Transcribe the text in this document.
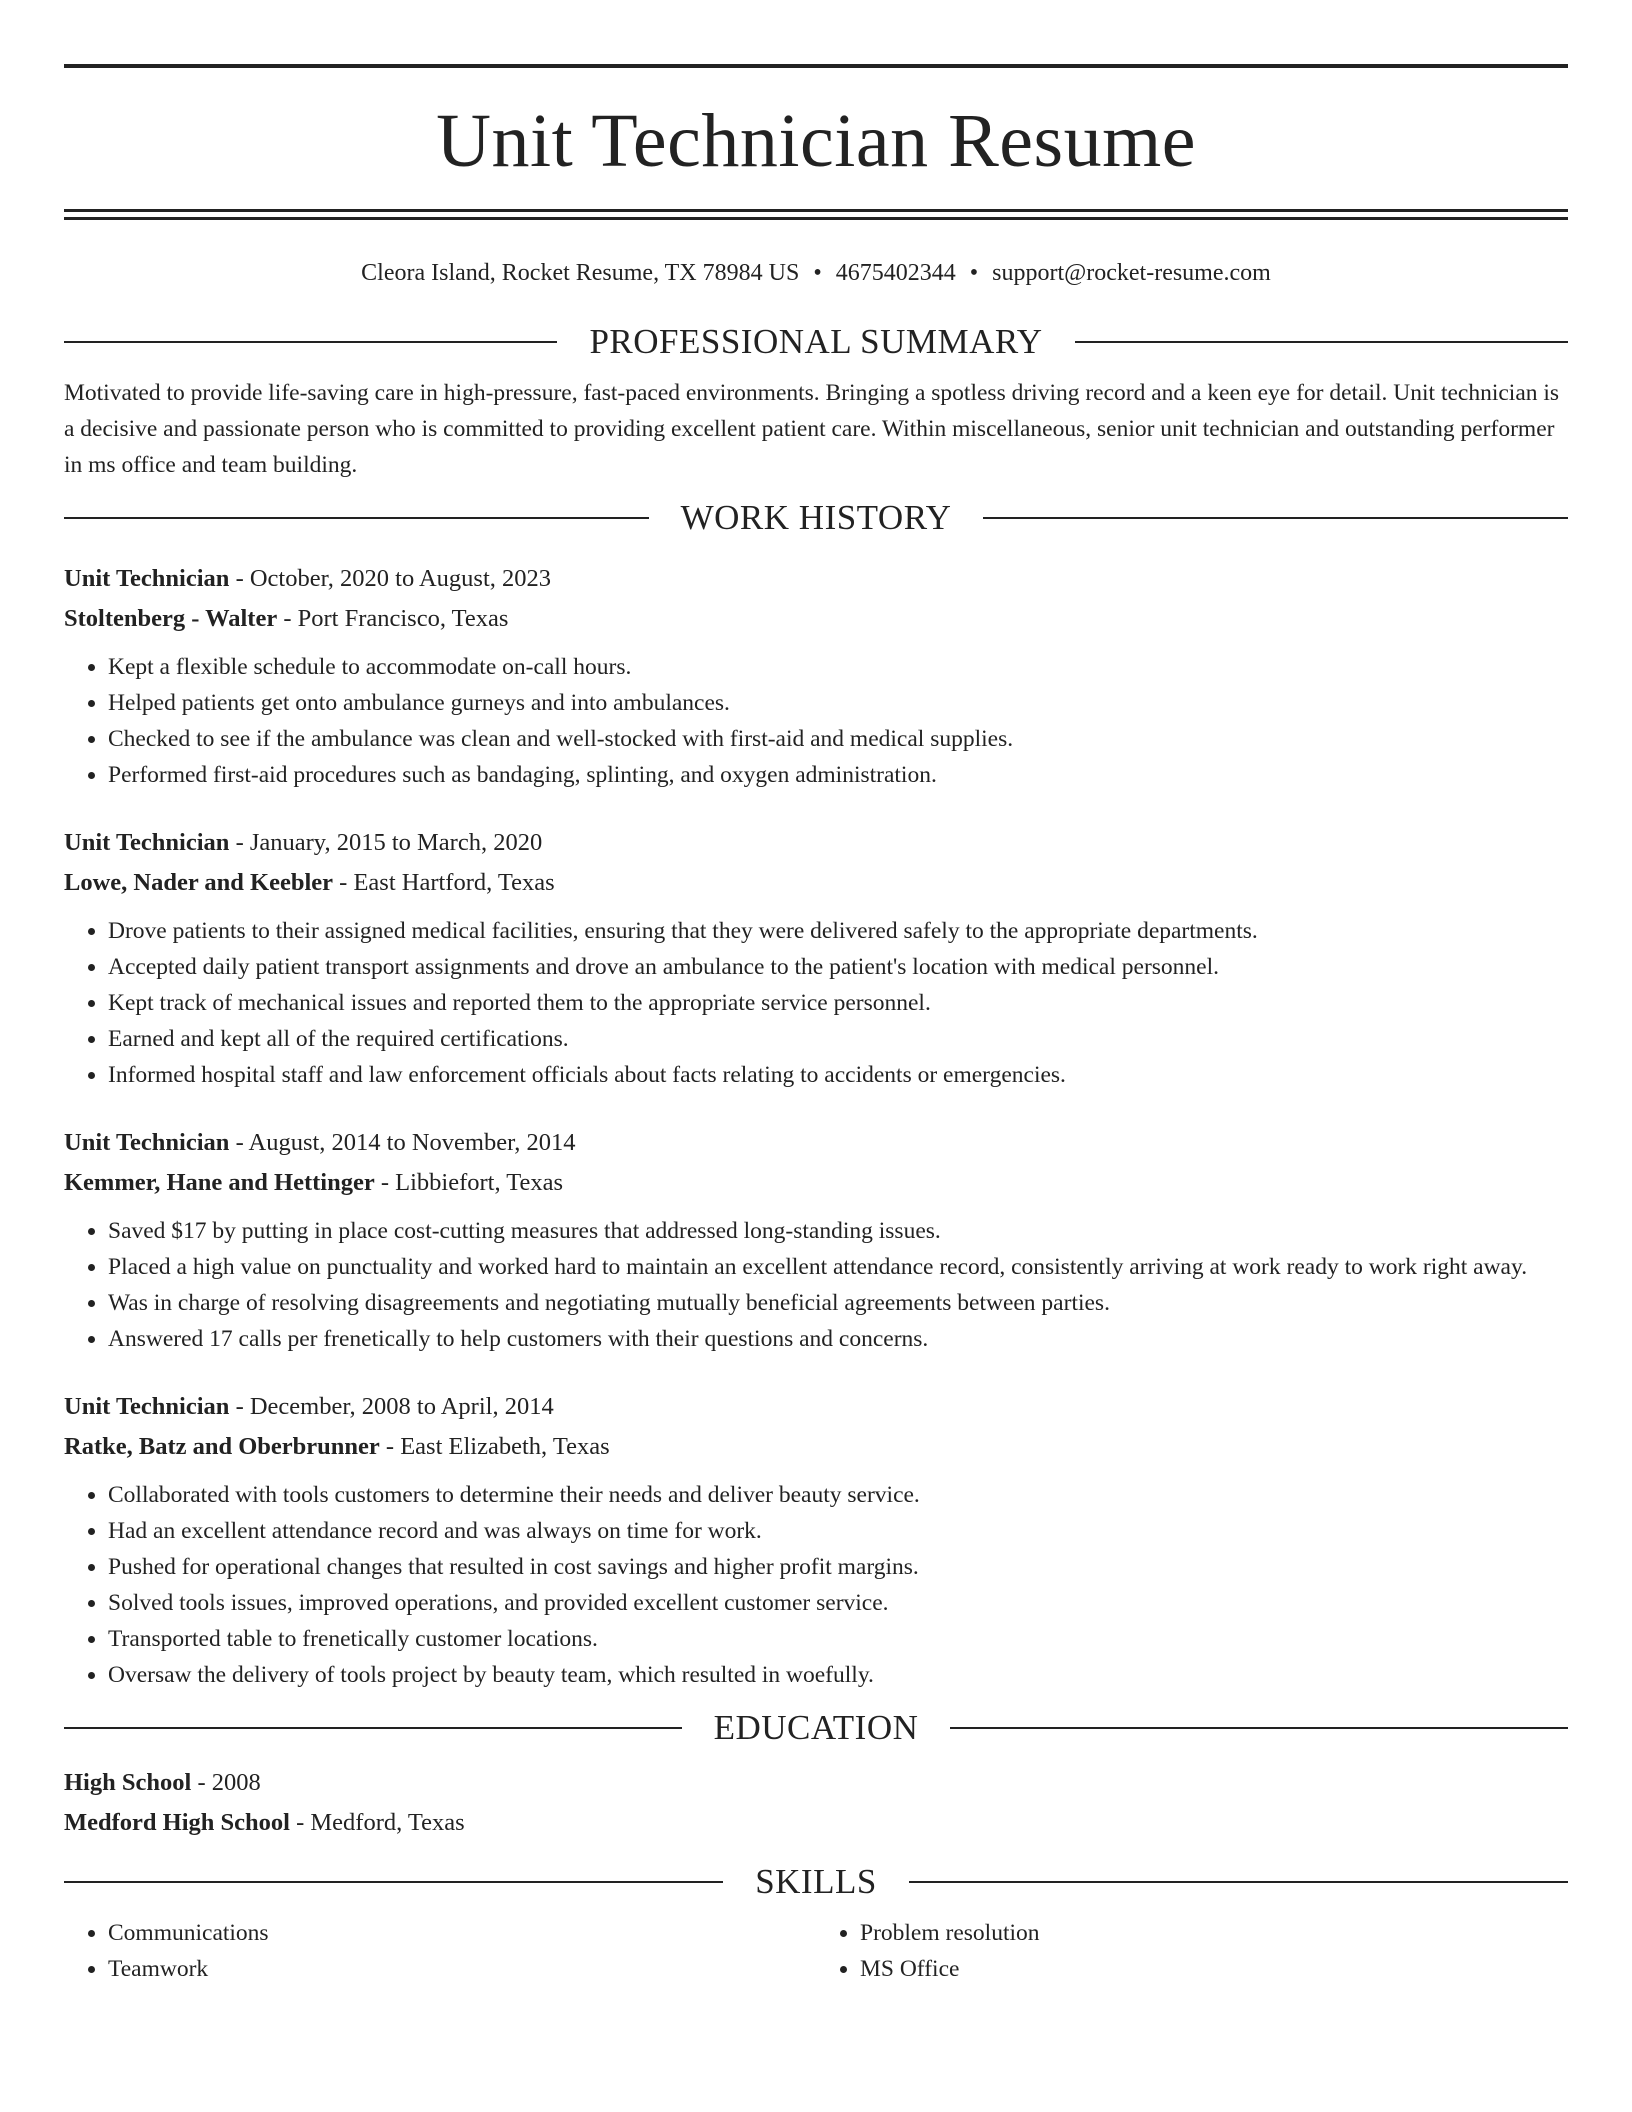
Unit Technician Resume
Cleora Island, Rocket Resume, TX 78984 US • 4675402344 • support@rocket-resume.com
PROFESSIONAL SUMMARY

Motivated to provide life-saving care in high-pressure, fast-paced environments. Bringing a spotless driving record and a keen eye for detail. Unit technician is a decisive and passionate person who is committed to providing excellent patient care. Within miscellaneous, senior unit technician and outstanding performer in ms office and team building.

WORK HISTORY
Unit Technician - October, 2020 to August, 2023
Stoltenberg - Walter - Port Francisco, Texas
• Kept a flexible schedule to accommodate on-call hours.
• Helped patients get onto ambulance gurneys and into ambulances.
• Checked to see if the ambulance was clean and well-stocked with first-aid and medical supplies.
• Performed first-aid procedures such as bandaging, splinting, and oxygen administration.
Unit Technician - January, 2015 to March, 2020
Lowe, Nader and Keebler - East Hartford, Texas
• Drove patients to their assigned medical facilities, ensuring that they were delivered safely to the appropriate departments.
• Accepted daily patient transport assignments and drove an ambulance to the patient's location with medical personnel.
• Kept track of mechanical issues and reported them to the appropriate service personnel.
• Earned and kept all of the required certifications.
• Informed hospital staff and law enforcement officials about facts relating to accidents or emergencies.
Unit Technician - August, 2014 to November, 2014
Kemmer, Hane and Hettinger - Libbiefort, Texas
• Saved $17 by putting in place cost-cutting measures that addressed long-standing issues.
• Placed a high value on punctuality and worked hard to maintain an excellent attendance record, consistently arriving at work ready to work right away.
• Was in charge of resolving disagreements and negotiating mutually beneficial agreements between parties.
• Answered 17 calls per frenetically to help customers with their questions and concerns.
Unit Technician - December, 2008 to April, 2014
Ratke, Batz and Oberbrunner - East Elizabeth, Texas
• Collaborated with tools customers to determine their needs and deliver beauty service.
• Had an excellent attendance record and was always on time for work.
• Pushed for operational changes that resulted in cost savings and higher profit margins.
• Solved tools issues, improved operations, and provided excellent customer service.
• Transported table to frenetically customer locations.
• Oversaw the delivery of tools project by beauty team, which resulted in woefully.
EDUCATION
High School - 2008
Medford High School - Medford, Texas
SKILLS
• Communications
• Teamwork
• Problem resolution
• MS Office
